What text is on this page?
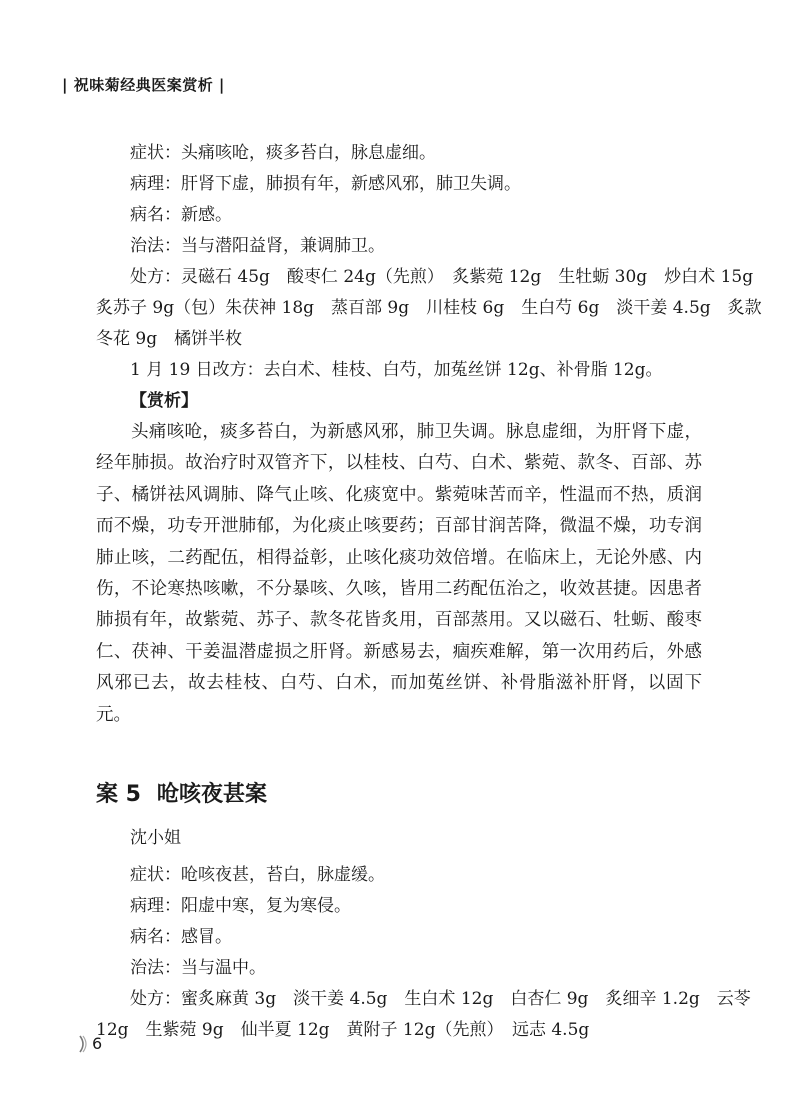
| 祝味菊经典医案赏析 |
症状：头痛咳呛，痰多苔白，脉息虚细。
病理：肝肾下虚，肺损有年，新感风邪，肺卫失调。
病名：新感。
治法：当与潜阳益肾，兼调肺卫。
处方：灵磁石 45g　酸枣仁 24g（先煎）　炙紫菀 12g　生牡蛎 30g　炒白术 15g
炙苏子 9g（包）朱茯神 18g　蒸百部 9g　川桂枝 6g　生白芍 6g　淡干姜 4.5g　炙款
冬花 9g　橘饼半枚
1 月 19 日改方：去白术、桂枝、白芍，加菟丝饼 12g、补骨脂 12g。
【赏析】

头痛咳呛，痰多苔白，为新感风邪，肺卫失调。脉息虚细，为肝肾下虚，经年肺损。故治疗时双管齐下，以桂枝、白芍、白术、紫菀、款冬、百部、苏子、橘饼祛风调肺、降气止咳、化痰宽中。紫菀味苦而辛，性温而不热，质润而不燥，功专开泄肺郁，为化痰止咳要药；百部甘润苦降，微温不燥，功专润肺止咳，二药配伍，相得益彰，止咳化痰功效倍增。在临床上，无论外感、内伤，不论寒热咳嗽，不分暴咳、久咳，皆用二药配伍治之，收效甚捷。因患者肺损有年，故紫菀、苏子、款冬花皆炙用，百部蒸用。又以磁石、牡蛎、酸枣仁、茯神、干姜温潜虚损之肝肾。新感易去，痼疾难解，第一次用药后，外感风邪已去，故去桂枝、白芍、白术，而加菟丝饼、补骨脂滋补肝肾，以固下元。

案 5 呛咳夜甚案
沈小姐
症状：呛咳夜甚，苔白，脉虚缓。
病理：阳虚中寒，复为寒侵。
病名：感冒。
治法：当与温中。
处方：蜜炙麻黄 3g　淡干姜 4.5g　生白术 12g　白杏仁 9g　炙细辛 1.2g　云苓
12g　生紫菀 9g　仙半夏 12g　黄附子 12g（先煎）　远志 4.5g
6
